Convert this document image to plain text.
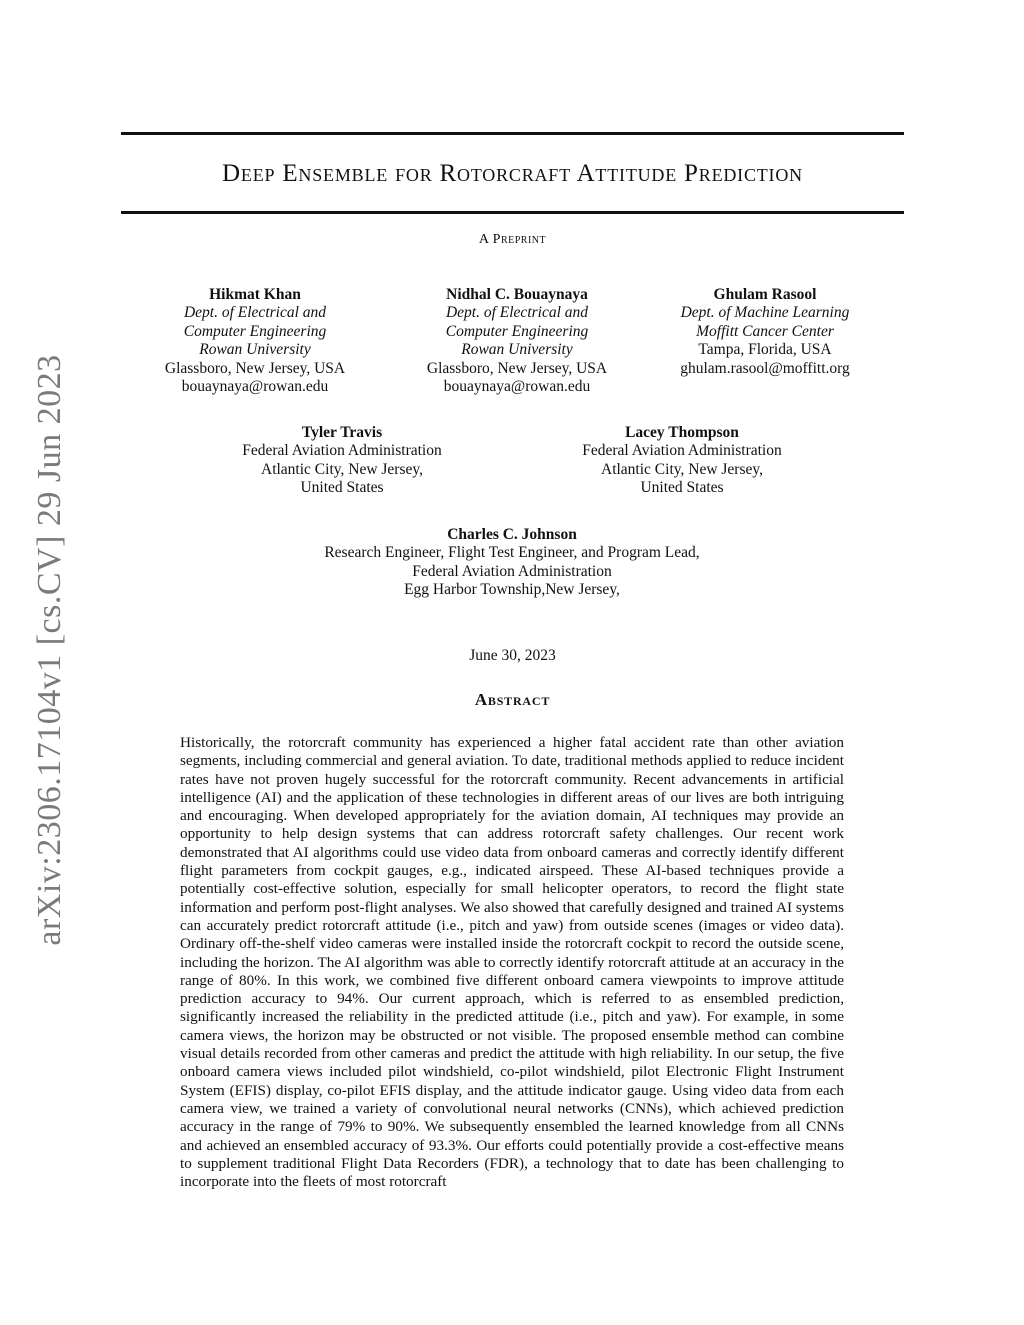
arXiv:2306.17104v1 [cs.CV] 29 Jun 2023
Deep Ensemble for Rotorcraft Attitude Prediction
A Preprint
Hikmat Khan
Dept. of Electrical and
Computer Engineering
Rowan University
Glassboro, New Jersey, USA
bouaynaya@rowan.edu
Nidhal C. Bouaynaya
Dept. of Electrical and
Computer Engineering
Rowan University
Glassboro, New Jersey, USA
bouaynaya@rowan.edu
Ghulam Rasool
Dept. of Machine Learning
Moffitt Cancer Center
Tampa, Florida, USA
ghulam.rasool@moffitt.org
Tyler Travis
Federal Aviation Administration
Atlantic City, New Jersey,
United States
Lacey Thompson
Federal Aviation Administration
Atlantic City, New Jersey,
United States
Charles C. Johnson
Research Engineer, Flight Test Engineer, and Program Lead,
Federal Aviation Administration
Egg Harbor Township,New Jersey,
June 30, 2023
Abstract
Historically, the rotorcraft community has experienced a higher fatal accident rate than other aviation segments, including commercial and general aviation. To date, traditional methods applied to reduce incident rates have not proven hugely successful for the rotorcraft community. Recent advancements in artificial intelligence (AI) and the application of these technologies in different areas of our lives are both intriguing and encouraging. When developed appropriately for the aviation domain, AI techniques may provide an opportunity to help design systems that can address rotorcraft safety challenges. Our recent work demonstrated that AI algorithms could use video data from onboard cameras and correctly identify different flight parameters from cockpit gauges, e.g., indicated airspeed. These AI-based techniques provide a potentially cost-effective solution, especially for small helicopter operators, to record the flight state information and perform post-flight analyses. We also showed that carefully designed and trained AI systems can accurately predict rotorcraft attitude (i.e., pitch and yaw) from outside scenes (images or video data). Ordinary off-the-shelf video cameras were installed inside the rotorcraft cockpit to record the outside scene, including the horizon. The AI algorithm was able to correctly identify rotorcraft attitude at an accuracy in the range of 80%. In this work, we combined five different onboard camera viewpoints to improve attitude prediction accuracy to 94%. Our current approach, which is referred to as ensembled prediction, significantly increased the reliability in the predicted attitude (i.e., pitch and yaw). For example, in some camera views, the horizon may be obstructed or not visible. The proposed ensemble method can combine visual details recorded from other cameras and predict the attitude with high reliability. In our setup, the five onboard camera views included pilot windshield, co-pilot windshield, pilot Electronic Flight Instrument System (EFIS) display, co-pilot EFIS display, and the attitude indicator gauge. Using video data from each camera view, we trained a variety of convolutional neural networks (CNNs), which achieved prediction accuracy in the range of 79% to 90%. We subsequently ensembled the learned knowledge from all CNNs and achieved an ensembled accuracy of 93.3%. Our efforts could potentially provide a cost-effective means to supplement traditional Flight Data Recorders (FDR), a technology that to date has been challenging to incorporate into the fleets of most rotorcraft
